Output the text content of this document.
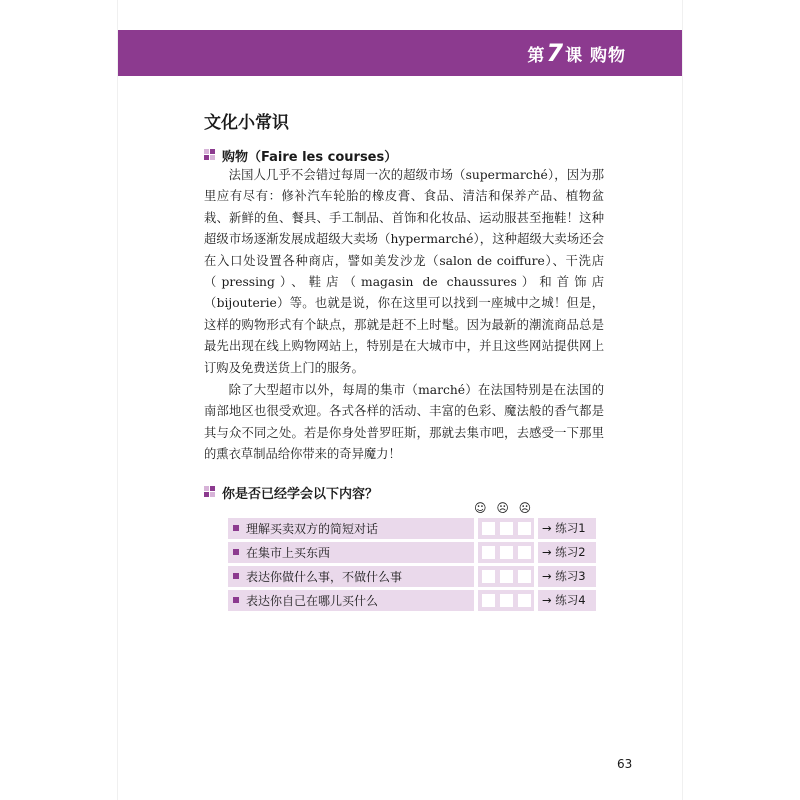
第7课 购物
文化小常识
购物（Faire les courses）

法国人几乎不会错过每周一次的超级市场（supermarché），因为那里应有尽有：修补汽车轮胎的橡皮膏、食品、清洁和保养产品、植物盆栽、新鲜的鱼、餐具、手工制品、首饰和化妆品、运动服甚至拖鞋！这种超级市场逐渐发展成超级大卖场（hypermarché），这种超级大卖场还会在入口处设置各种商店，譬如美发沙龙（salon de coiffure）、干洗店（pressing）、鞋店（magasin de chaussures）和首饰店（bijouterie）等。也就是说，你在这里可以找到一座城中之城！但是，这样的购物形式有个缺点，那就是赶不上时髦。因为最新的潮流商品总是最先出现在线上购物网站上，特别是在大城市中，并且这些网站提供网上订购及免费送货上门的服务。

除了大型超市以外，每周的集市（marché）在法国特别是在法国的南部地区也很受欢迎。各式各样的活动、丰富的色彩、魔法般的香气都是其与众不同之处。若是你身处普罗旺斯，那就去集市吧，去感受一下那里的熏衣草制品给你带来的奇异魔力！

你是否已经学会以下内容？
☺ ☹ ☹
理解买卖双方的简短对话	→ 练习1
在集市上买东西	→ 练习2
表达你做什么事，不做什么事	→ 练习3
表达你自己在哪儿买什么	→ 练习4
63
